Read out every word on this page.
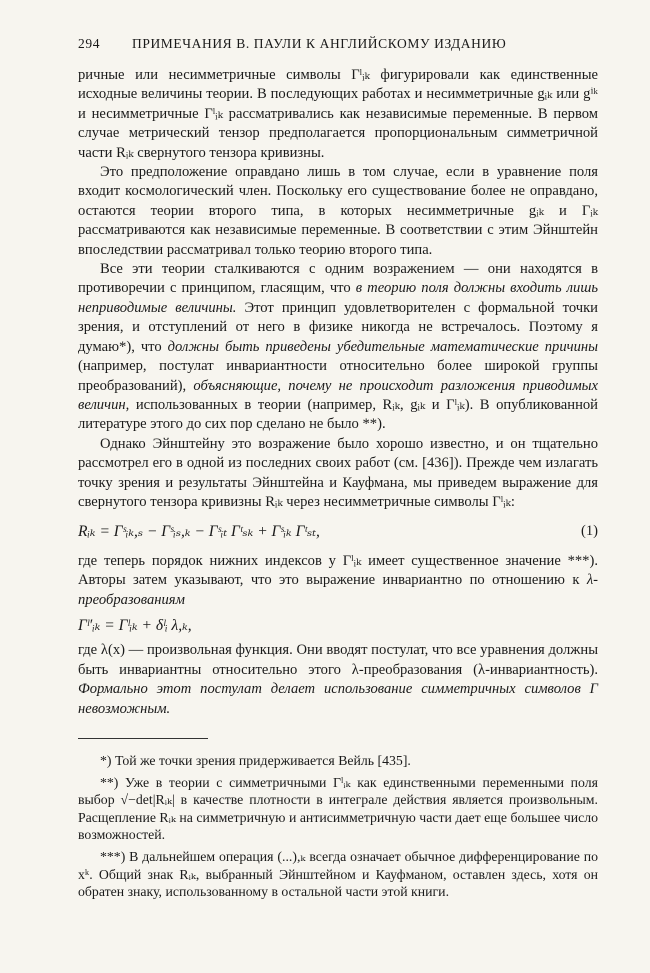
294 ПРИМЕЧАНИЯ В. ПАУЛИ К АНГЛИЙСКОМУ ИЗДАНИЮ

ричные или несимметричные символы Γˡᵢₖ фигурировали как единственные исходные величины теории. В последующих работах и несимметричные gᵢₖ или gⁱᵏ и несимметричные Γˡᵢₖ рассматривались как независимые переменные. В первом случае метрический тензор предполагается пропорциональным симметричной части Rᵢₖ свернутого тензора кривизны.

Это предположение оправдано лишь в том случае, если в уравнение поля входит космологический член. Поскольку его существование более не оправдано, остаются теории второго типа, в которых несимметричные gᵢₖ и Γᵢₖ рассматриваются как независимые переменные. В соответствии с этим Эйнштейн впоследствии рассматривал только теорию второго типа.

Все эти теории сталкиваются с одним возражением — они находятся в противоречии с принципом, гласящим, что в теорию поля должны входить лишь неприводимые величины. Этот принцип удовлетворителен с формальной точки зрения, и отступлений от него в физике никогда не встречалось. Поэтому я думаю*), что должны быть приведены убедительные математические причины (например, постулат инвариантности относительно более широкой группы преобразований), объясняющие, почему не происходит разложения приводимых величин, использованных в теории (например, Rᵢₖ, gᵢₖ и Γˡᵢₖ). В опубликованной литературе этого до сих пор сделано не было **).

Однако Эйнштейну это возражение было хорошо известно, и он тщательно рассмотрел его в одной из последних своих работ (см. [436]). Прежде чем излагать точку зрения и результаты Эйнштейна и Кауфмана, мы приведем выражение для свернутого тензора кривизны Rᵢₖ через несимметричные символы Γˡᵢₖ:

Rᵢₖ = Γˢᵢₖ,ₛ − Γˢᵢₛ,ₖ − Γˢᵢₜ Γᵗₛₖ + Γˢᵢₖ Γᵗₛₜ,	(1)

где теперь порядок нижних индексов у Γˡᵢₖ имеет существенное значение ***). Авторы затем указывают, что это выражение инвариантно по отношению к λ-преобразованиям

Γˡ′ᵢₖ = Γˡᵢₖ + δˡᵢ λ,ₖ,

где λ(x) — произвольная функция. Они вводят постулат, что все уравнения должны быть инвариантны относительно этого λ-преобразования (λ-инвариантность). Формально этот постулат делает использование симметричных символов Γ невозможным.

*) Той же точки зрения придерживается Вейль [435].

**) Уже в теории с симметричными Γˡᵢₖ как единственными переменными поля выбор √−det|Rᵢₖ| в качестве плотности в интеграле действия является произвольным. Расщепление Rᵢₖ на симметричную и антисимметричную части дает еще большее число возможностей.

***) В дальнейшем операция (...),ₖ всегда означает обычное дифференцирование по xᵏ. Общий знак Rᵢₖ, выбранный Эйнштейном и Кауфманом, оставлен здесь, хотя он обратен знаку, использованному в остальной части этой книги.
